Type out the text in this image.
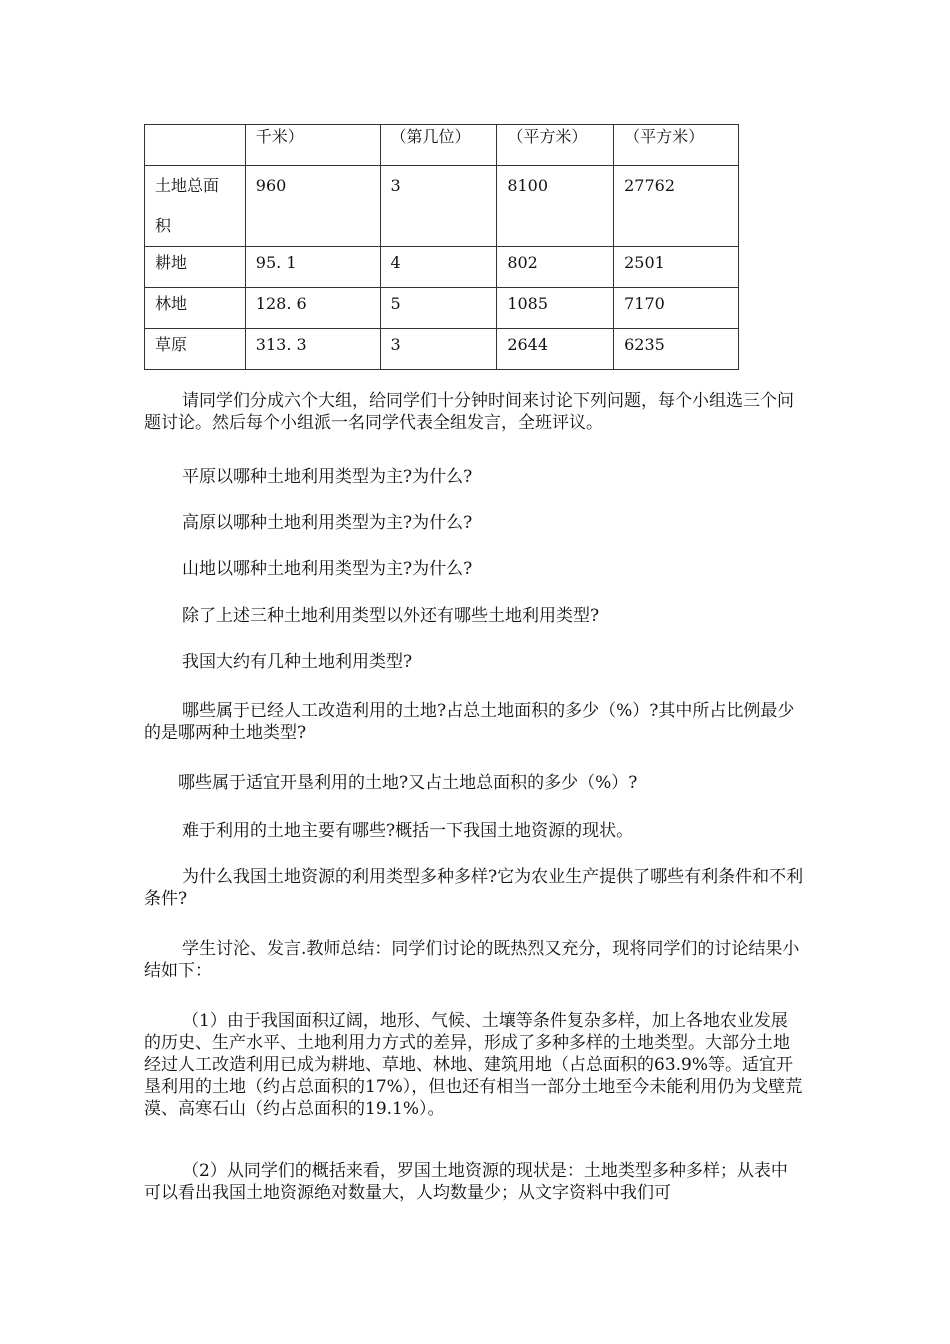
	千米）	（第几位）	（平方米）	（平方米）
土地总面积	960	3	8100	27762
耕地	95. 1	4	802	2501
林地	128. 6	5	1085	7170
草原	313. 3	3	2644	6235

请同学们分成六个大组，给同学们十分钟时间来讨论下列问题，每个小组选三个问题讨论。然后每个小组派一名同学代表全组发言，全班评议。

平原以哪种土地利用类型为主?为什么?

高原以哪种土地利用类型为主?为什么?

山地以哪种土地利用类型为主?为什么?

除了上述三种土地利用类型以外还有哪些土地利用类型?

我国大约有几种土地利用类型?

哪些属于已经人工改造利用的土地?占总土地面积的多少（%）?其中所占比例最少的是哪两种土地类型?

哪些属于适宜开垦利用的土地?又占土地总面积的多少（%）?

难于利用的土地主要有哪些?概括一下我国土地资源的现状。

为什么我国土地资源的利用类型多种多样?它为农业生产提供了哪些有利条件和不利条件?

学生讨沦、发言.教师总结：同学们讨论的既热烈又充分，现将同学们的讨论结果小结如下：

（1）由于我国面积辽阔，地形、气候、土壤等条件复杂多样，加上各地农业发展的历史、生产水平、土地利用力方式的差异，形成了多种多样的土地类型。大部分土地经过人工改造利用已成为耕地、草地、林地、建筑用地（占总面积的63.9%等。适宜开垦利用的土地（约占总面积的17%），但也还有相当一部分土地至今未能利用仍为戈壁荒漠、高寒石山（约占总面积的19.1%）。

（2）从同学们的概括来看，罗国土地资源的现状是：土地类型多种多样；从表中可以看出我国土地资源绝对数量大，人均数量少；从文字资料中我们可
